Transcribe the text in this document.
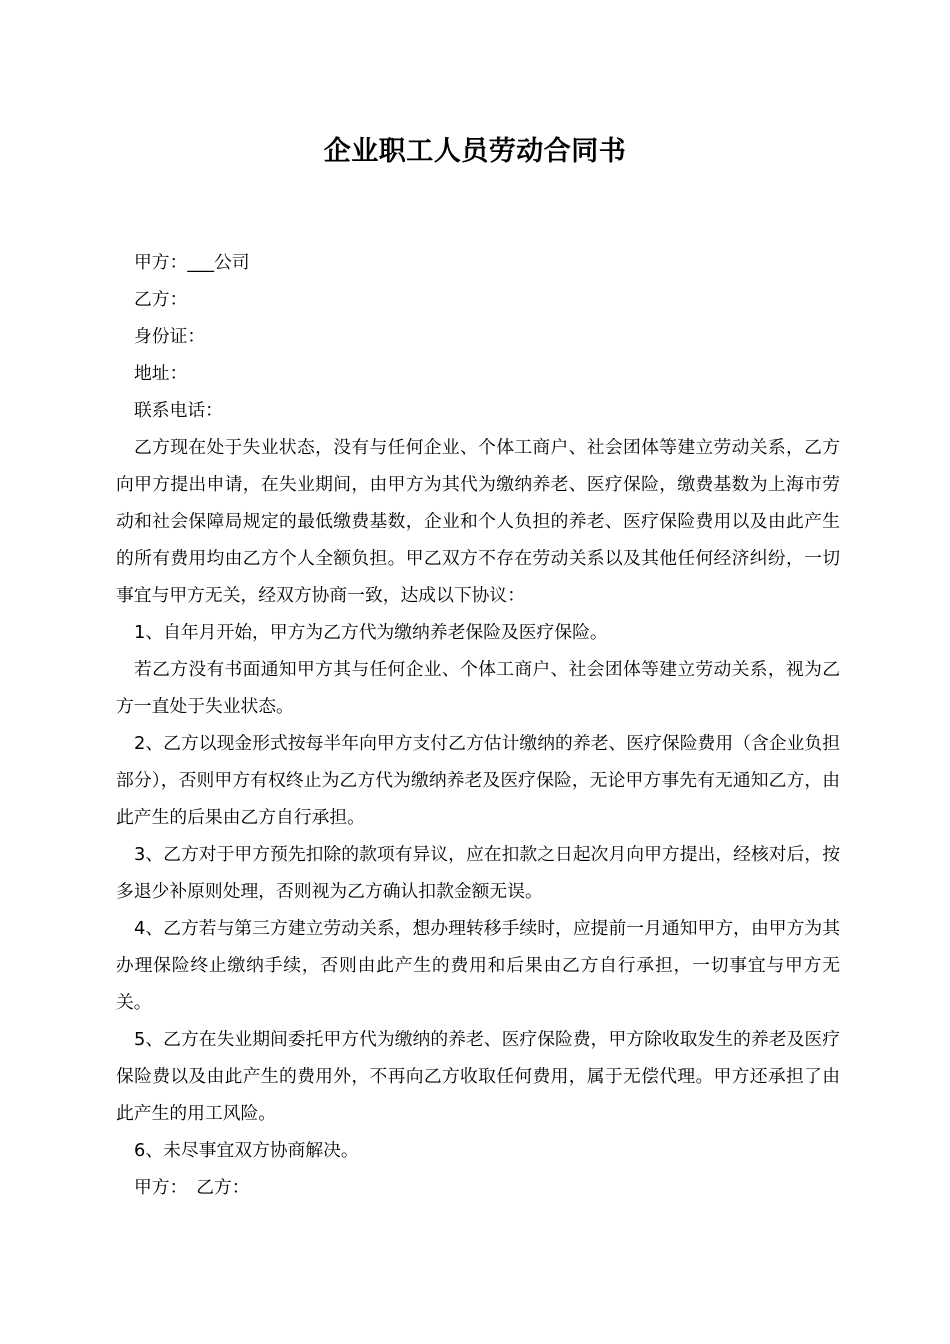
企业职工人员劳动合同书
甲方：___公司
乙方：
身份证：
地址：
联系电话：
乙方现在处于失业状态，没有与任何企业、个体工商户、社会团体等建立劳动关系，乙方向甲方提出申请，在失业期间，由甲方为其代为缴纳养老、医疗保险，缴费基数为上海市劳动和社会保障局规定的最低缴费基数，企业和个人负担的养老、医疗保险费用以及由此产生的所有费用均由乙方个人全额负担。甲乙双方不存在劳动关系以及其他任何经济纠纷，一切事宜与甲方无关，经双方协商一致，达成以下协议：
1、自年月开始，甲方为乙方代为缴纳养老保险及医疗保险。
若乙方没有书面通知甲方其与任何企业、个体工商户、社会团体等建立劳动关系，视为乙方一直处于失业状态。
2、乙方以现金形式按每半年向甲方支付乙方估计缴纳的养老、医疗保险费用（含企业负担部分），否则甲方有权终止为乙方代为缴纳养老及医疗保险，无论甲方事先有无通知乙方，由此产生的后果由乙方自行承担。
3、乙方对于甲方预先扣除的款项有异议，应在扣款之日起次月向甲方提出，经核对后，按多退少补原则处理，否则视为乙方确认扣款金额无误。
4、乙方若与第三方建立劳动关系，想办理转移手续时，应提前一月通知甲方，由甲方为其办理保险终止缴纳手续，否则由此产生的费用和后果由乙方自行承担，一切事宜与甲方无关。
5、乙方在失业期间委托甲方代为缴纳的养老、医疗保险费，甲方除收取发生的养老及医疗保险费以及由此产生的费用外，不再向乙方收取任何费用，属于无偿代理。甲方还承担了由此产生的用工风险。
6、未尽事宜双方协商解决。
甲方：　乙方：
